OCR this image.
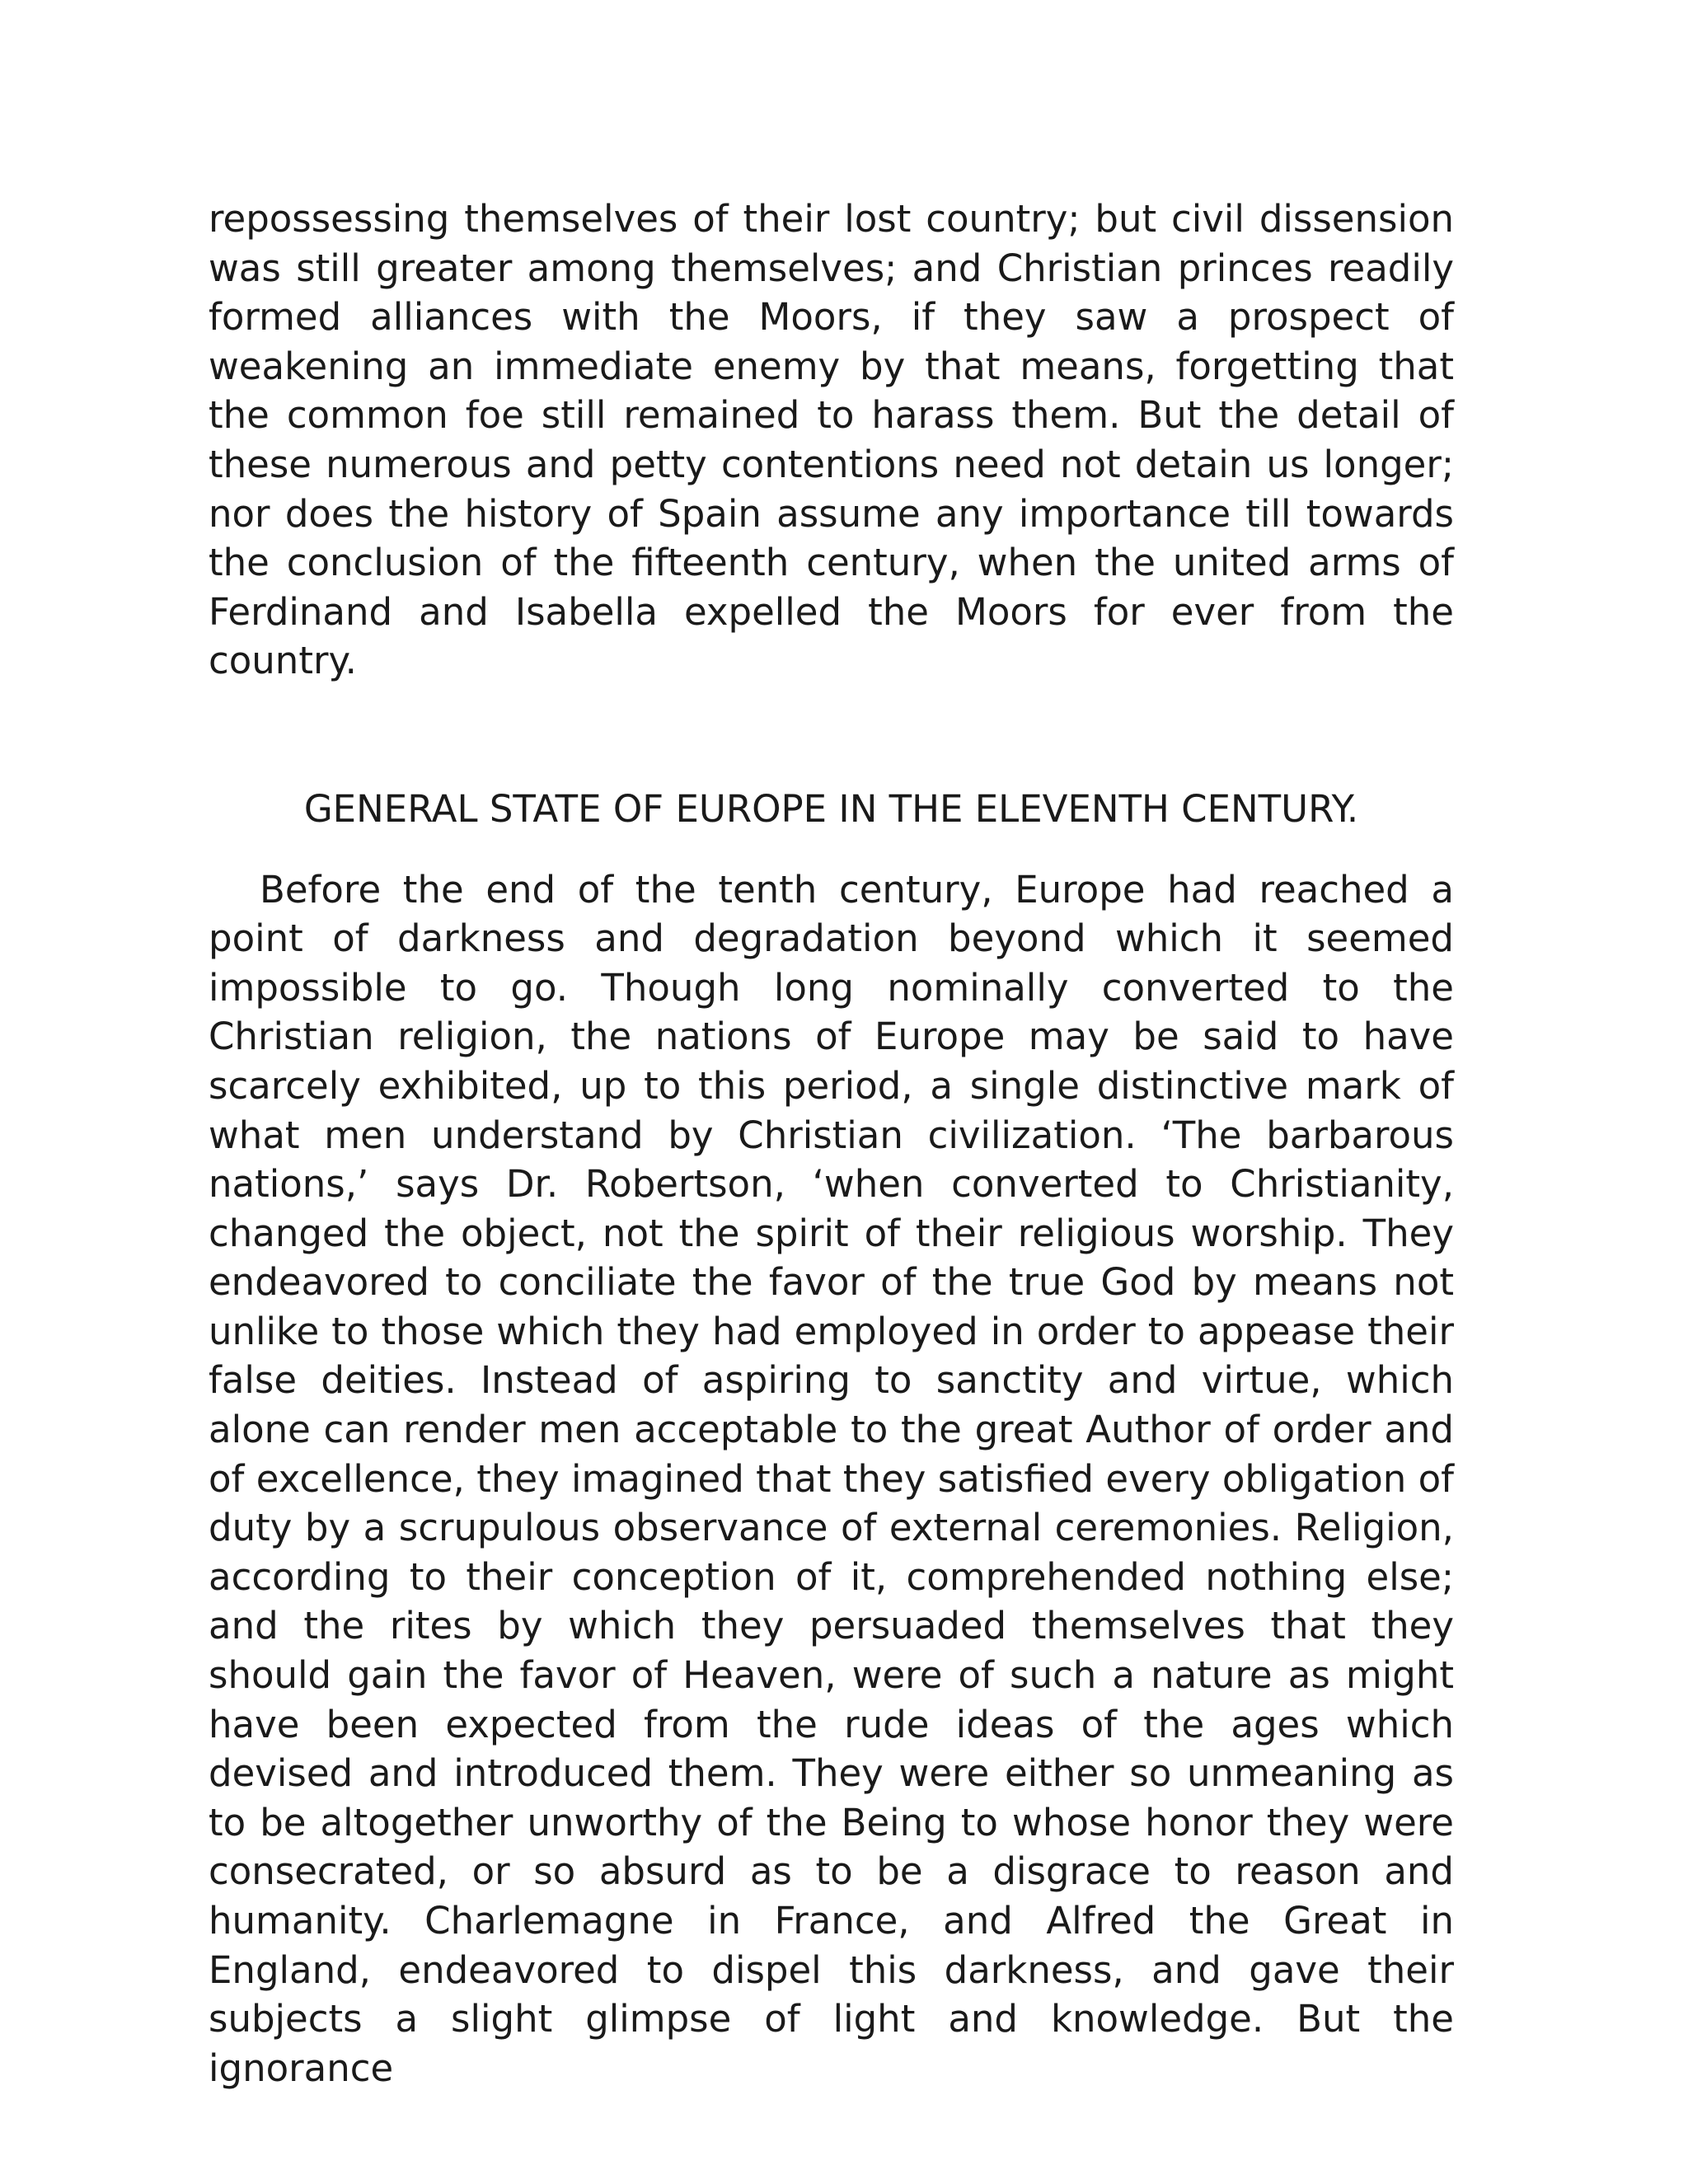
repossessing themselves of their lost country; but civil dissension was still greater among themselves; and Christian princes readily formed alliances with the Moors, if they saw a prospect of weakening an immediate enemy by that means, forgetting that the common foe still remained to harass them. But the detail of these numerous and petty contentions need not detain us longer; nor does the history of Spain assume any importance till towards the conclusion of the fifteenth century, when the united arms of Ferdinand and Isabella expelled the Moors for ever from the country.

GENERAL STATE OF EUROPE IN THE ELEVENTH CENTURY.

Before the end of the tenth century, Europe had reached a point of darkness and degradation beyond which it seemed impossible to go. Though long nominally converted to the Christian religion, the nations of Europe may be said to have scarcely exhibited, up to this period, a single distinctive mark of what men understand by Christian civilization. ‘The barbarous nations,’ says Dr. Robertson, ‘when converted to Christianity, changed the object, not the spirit of their religious worship. They endeavored to conciliate the favor of the true God by means not unlike to those which they had employed in order to appease their false deities. Instead of aspiring to sanctity and virtue, which alone can render men acceptable to the great Author of order and of excellence, they imagined that they satisfied every obligation of duty by a scrupulous observance of external ceremonies. Religion, according to their conception of it, comprehended nothing else; and the rites by which they persuaded themselves that they should gain the favor of Heaven, were of such a nature as might have been expected from the rude ideas of the ages which devised and introduced them. They were either so unmeaning as to be altogether unworthy of the Being to whose honor they were consecrated, or so absurd as to be a disgrace to reason and humanity. Charlemagne in France, and Alfred the Great in England, endeavored to dispel this darkness, and gave their subjects a slight glimpse of light and knowledge. But the ignorance
